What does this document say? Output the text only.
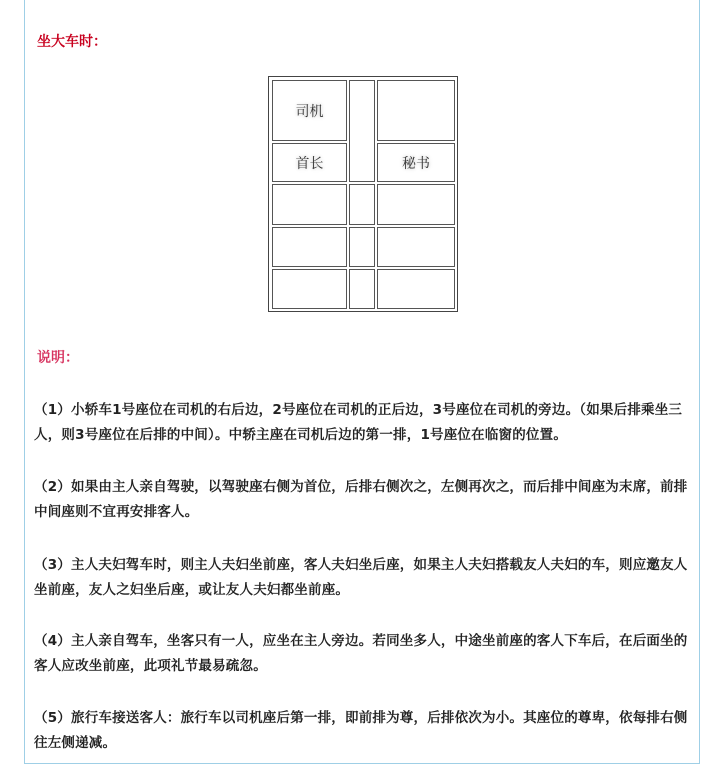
坐大车时：
司机
首长	秘书
说明：
（1）小轿车1号座位在司机的右后边，2号座位在司机的正后边，3号座位在司机的旁边。（如果后排乘坐三人，则3号座位在后排的中间）。中轿主座在司机后边的第一排，1号座位在临窗的位置。
（2）如果由主人亲自驾驶，以驾驶座右侧为首位，后排右侧次之，左侧再次之，而后排中间座为末席，前排中间座则不宜再安排客人。
（3）主人夫妇驾车时，则主人夫妇坐前座，客人夫妇坐后座，如果主人夫妇搭载友人夫妇的车，则应邀友人坐前座，友人之妇坐后座，或让友人夫妇都坐前座。
（4）主人亲自驾车，坐客只有一人，应坐在主人旁边。若同坐多人，中途坐前座的客人下车后，在后面坐的客人应改坐前座，此项礼节最易疏忽。
（5）旅行车接送客人：旅行车以司机座后第一排，即前排为尊，后排依次为小。其座位的尊卑，依每排右侧往左侧递减。
